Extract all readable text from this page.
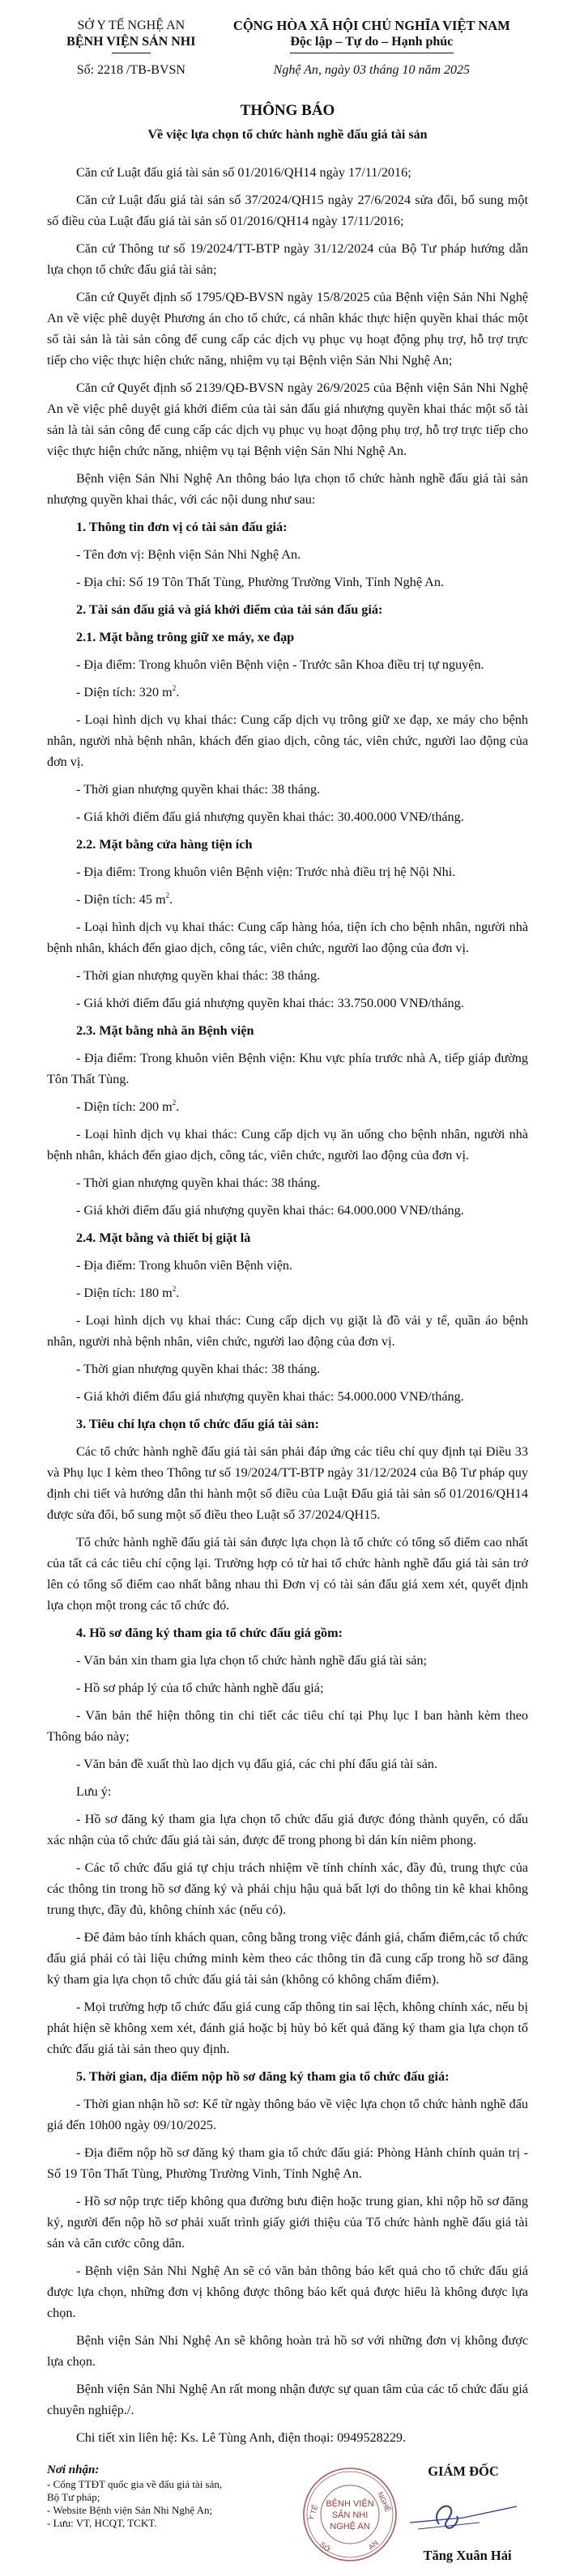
SỞ Y TẾ NGHỆ AN
BỆNH VIỆN SẢN NHI
CỘNG HÒA XÃ HỘI CHỦ NGHĨA VIỆT NAM
Độc lập – Tự do – Hạnh phúc
Số: 2218 /TB-BVSN	Nghệ An, ngày 03 tháng 10 năm 2025
THÔNG BÁO
Về việc lựa chọn tổ chức hành nghề đấu giá tài sản

Căn cứ Luật đấu giá tài sản số 01/2016/QH14 ngày 17/11/2016;

Căn cứ Luật đấu giá tài sản số 37/2024/QH15 ngày 27/6/2024 sửa đổi, bổ sung một số điều của Luật đấu giá tài sản số 01/2016/QH14 ngày 17/11/2016;

Căn cứ Thông tư số 19/2024/TT-BTP ngày 31/12/2024 của Bộ Tư pháp hướng dẫn lựa chọn tổ chức đấu giá tài sản;

Căn cứ Quyết định số 1795/QĐ-BVSN ngày 15/8/2025 của Bệnh viện Sản Nhi Nghệ An về việc phê duyệt Phương án cho tổ chức, cá nhân khác thực hiện quyền khai thác một số tài sản là tài sản công để cung cấp các dịch vụ phục vụ hoạt động phụ trợ, hỗ trợ trực tiếp cho việc thực hiện chức năng, nhiệm vụ tại Bệnh viện Sản Nhi Nghệ An;

Căn cứ Quyết định số 2139/QĐ-BVSN ngày 26/9/2025 của Bệnh viện Sản Nhi Nghệ An về việc phê duyệt giá khởi điểm của tài sản đấu giá nhượng quyền khai thác một số tài sản là tài sản công để cung cấp các dịch vụ phục vụ hoạt động phụ trợ, hỗ trợ trực tiếp cho việc thực hiện chức năng, nhiệm vụ tại Bệnh viện Sản Nhi Nghệ An.

Bệnh viện Sản Nhi Nghệ An thông báo lựa chọn tổ chức hành nghề đấu giá tài sản nhượng quyền khai thác, với các nội dung như sau:

1. Thông tin đơn vị có tài sản đấu giá:

- Tên đơn vị: Bệnh viện Sản Nhi Nghệ An.

- Địa chỉ: Số 19 Tôn Thất Tùng, Phường Trường Vinh, Tỉnh Nghệ An.

2. Tài sản đấu giá và giá khởi điểm của tài sản đấu giá:

2.1. Mặt bằng trông giữ xe máy, xe đạp

- Địa điểm: Trong khuôn viên Bệnh viện - Trước sân Khoa điều trị tự nguyện.

- Diện tích: 320 $m^2$.

- Loại hình dịch vụ khai thác: Cung cấp dịch vụ trông giữ xe đạp, xe máy cho bệnh nhân, người nhà bệnh nhân, khách đến giao dịch, công tác, viên chức, người lao động của đơn vị.

- Thời gian nhượng quyền khai thác: 38 tháng.

- Giá khởi điểm đấu giá nhượng quyền khai thác: 30.400.000 VNĐ/tháng.

2.2. Mặt bằng cửa hàng tiện ích

- Địa điểm: Trong khuôn viên Bệnh viện: Trước nhà điều trị hệ Nội Nhi.

- Diện tích: 45 $m^2$.

- Loại hình dịch vụ khai thác: Cung cấp hàng hóa, tiện ích cho bệnh nhân, người nhà bệnh nhân, khách đến giao dịch, công tác, viên chức, người lao động của đơn vị.

- Thời gian nhượng quyền khai thác: 38 tháng.

- Giá khởi điểm đấu giá nhượng quyền khai thác: 33.750.000 VNĐ/tháng.

2.3. Mặt bằng nhà ăn Bệnh viện

- Địa điểm: Trong khuôn viên Bệnh viện: Khu vực phía trước nhà A, tiếp giáp đường Tôn Thất Tùng.

- Diện tích: 200 $m^2$.

- Loại hình dịch vụ khai thác: Cung cấp dịch vụ ăn uống cho bệnh nhân, người nhà bệnh nhân, khách đến giao dịch, công tác, viên chức, người lao động của đơn vị.

- Thời gian nhượng quyền khai thác: 38 tháng.

- Giá khởi điểm đấu giá nhượng quyền khai thác: 64.000.000 VNĐ/tháng.

2.4. Mặt bằng và thiết bị giặt là

- Địa điểm: Trong khuôn viên Bệnh viện.

- Diện tích: 180 $m^2$.

- Loại hình dịch vụ khai thác: Cung cấp dịch vụ giặt là đồ vải y tế, quần áo bệnh nhân, người nhà bệnh nhân, viên chức, người lao động của đơn vị.

- Thời gian nhượng quyền khai thác: 38 tháng.

- Giá khởi điểm đấu giá nhượng quyền khai thác: 54.000.000 VNĐ/tháng.

3. Tiêu chí lựa chọn tổ chức đấu giá tài sản:

Các tổ chức hành nghề đấu giá tài sản phải đáp ứng các tiêu chí quy định tại Điều 33 và Phụ lục I kèm theo Thông tư số 19/2024/TT-BTP ngày 31/12/2024 của Bộ Tư pháp quy định chi tiết và hướng dẫn thi hành một số điều của Luật Đấu giá tài sản số 01/2016/QH14 được sửa đổi, bổ sung một số điều theo Luật số 37/2024/QH15.

Tổ chức hành nghề đấu giá tài sản được lựa chọn là tổ chức có tổng số điểm cao nhất của tất cả các tiêu chí cộng lại. Trường hợp có từ hai tổ chức hành nghề đấu giá tài sản trở lên có tổng số điểm cao nhất bằng nhau thì Đơn vị có tài sản đấu giá xem xét, quyết định lựa chọn một trong các tổ chức đó.

4. Hồ sơ đăng ký tham gia tổ chức đấu giá gồm:

- Văn bản xin tham gia lựa chọn tổ chức hành nghề đấu giá tài sản;

- Hồ sơ pháp lý của tổ chức hành nghề đấu giá;

- Văn bản thể hiện thông tin chi tiết các tiêu chí tại Phụ lục I ban hành kèm theo Thông báo này;

- Văn bản đề xuất thù lao dịch vụ đấu giá, các chi phí đấu giá tài sản.

Lưu ý:

- Hồ sơ đăng ký tham gia lựa chọn tổ chức đấu giá được đóng thành quyển, có dấu xác nhận của tổ chức đấu giá tài sản, được để trong phong bì dán kín niêm phong.

- Các tổ chức đấu giá tự chịu trách nhiệm về tính chính xác, đầy đủ, trung thực của các thông tin trong hồ sơ đăng ký và phải chịu hậu quả bất lợi do thông tin kê khai không trung thực, đầy đủ, không chính xác (nếu có).

- Để đảm bảo tính khách quan, công bằng trong việc đánh giá, chấm điểm,các tổ chức đấu giá phải có tài liệu chứng minh kèm theo các thông tin đã cung cấp trong hồ sơ đăng ký tham gia lựa chọn tổ chức đấu giá tài sản (không có không chấm điểm).

- Mọi trường hợp tổ chức đấu giá cung cấp thông tin sai lệch, không chính xác, nếu bị phát hiện sẽ không xem xét, đánh giá hoặc bị hủy bỏ kết quả đăng ký tham gia lựa chọn tổ chức đấu giá tài sản theo quy định.

5. Thời gian, địa điểm nộp hồ sơ đăng ký tham gia tổ chức đấu giá:

- Thời gian nhận hồ sơ: Kể từ ngày thông báo về việc lựa chọn tổ chức hành nghề đấu giá đến 10h00 ngày 09/10/2025.

- Địa điểm nộp hồ sơ đăng ký tham gia tổ chức đấu giá: Phòng Hành chính quản trị - Số 19 Tôn Thất Tùng, Phường Trường Vinh, Tỉnh Nghệ An.

- Hồ sơ nộp trực tiếp không qua đường bưu điện hoặc trung gian, khi nộp hồ sơ đăng ký, người đến nộp hồ sơ phải xuất trình giấy giới thiệu của Tổ chức hành nghề đấu giá tài sản và căn cước công dân.

- Bệnh viện Sản Nhi Nghệ An sẽ có văn bản thông báo kết quả cho tổ chức đấu giá được lựa chọn, những đơn vị không được thông báo kết quả được hiểu là không được lựa chọn.

Bệnh viện Sản Nhi Nghệ An sẽ không hoàn trả hồ sơ với những đơn vị không được lựa chọn.

Bệnh viện Sản Nhi Nghệ An rất mong nhận được sự quan tâm của các tổ chức đấu giá chuyên nghiệp./.

Chi tiết xin liên hệ: Ks. Lê Tùng Anh, điện thoại: 0949528229.

Nơi nhận:
- Cổng TTĐT quốc gia về đấu giá tài sản,
Bộ Tư pháp;
- Website Bệnh viện Sản Nhi Nghệ An;
- Lưu: VT, HCQT, TCKT.
Y TẾ	NGHỆ
SỞ	AN
BỆNH VIỆN
SẢN NHI
NGHỆ AN
GIÁM ĐỐC
Tăng Xuân Hải
